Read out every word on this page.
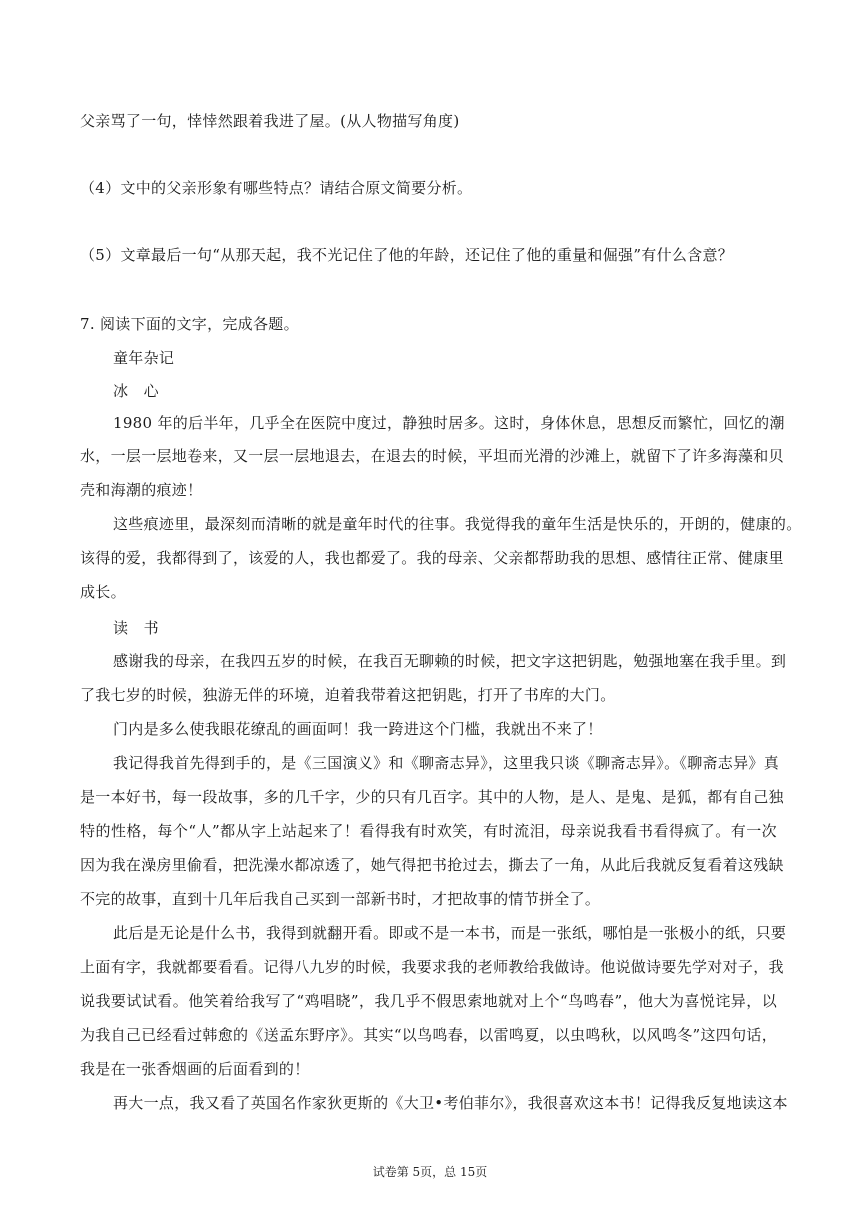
父亲骂了一句，悻悻然跟着我进了屋。(从人物描写角度)
（4）文中的父亲形象有哪些特点？请结合原文简要分析。
（5）文章最后一句“从那天起，我不光记住了他的年龄，还记住了他的重量和倔强”有什么含意？
7. 阅读下面的文字，完成各题。
童年杂记
冰　心
1980 年的后半年，几乎全在医院中度过，静独时居多。这时，身体休息，思想反而繁忙，回忆的潮
水，一层一层地卷来，又一层一层地退去，在退去的时候，平坦而光滑的沙滩上，就留下了许多海藻和贝
壳和海潮的痕迹！
这些痕迹里，最深刻而清晰的就是童年时代的往事。我觉得我的童年生活是快乐的，开朗的，健康的。
该得的爱，我都得到了，该爱的人，我也都爱了。我的母亲、父亲都帮助我的思想、感情往正常、健康里
成长。
读　书
感谢我的母亲，在我四五岁的时候，在我百无聊赖的时候，把文字这把钥匙，勉强地塞在我手里。到
了我七岁的时候，独游无伴的环境，迫着我带着这把钥匙，打开了书库的大门。
门内是多么使我眼花缭乱的画面呵！我一跨进这个门槛，我就出不来了！
我记得我首先得到手的，是《三国演义》和《聊斋志异》，这里我只谈《聊斋志异》。《聊斋志异》真
是一本好书，每一段故事，多的几千字，少的只有几百字。其中的人物，是人、是鬼、是狐，都有自己独
特的性格，每个“人”都从字上站起来了！看得我有时欢笑，有时流泪，母亲说我看书看得疯了。有一次
因为我在澡房里偷看，把洗澡水都凉透了，她气得把书抢过去，撕去了一角，从此后我就反复看着这残缺
不完的故事，直到十几年后我自己买到一部新书时，才把故事的情节拼全了。
此后是无论是什么书，我得到就翻开看。即或不是一本书，而是一张纸，哪怕是一张极小的纸，只要
上面有字，我就都要看看。记得八九岁的时候，我要求我的老师教给我做诗。他说做诗要先学对对子，我
说我要试试看。他笑着给我写了“鸡唱晓”，我几乎不假思索地就对上个“鸟鸣春”，他大为喜悦诧异，以
为我自己已经看过韩愈的《送孟东野序》。其实“以鸟鸣春，以雷鸣夏，以虫鸣秋，以风鸣冬”这四句话，
我是在一张香烟画的后面看到的！
再大一点，我又看了英国名作家狄更斯的《大卫•考伯菲尔》，我很喜欢这本书！记得我反复地读这本
试卷第 5页，总 15页
